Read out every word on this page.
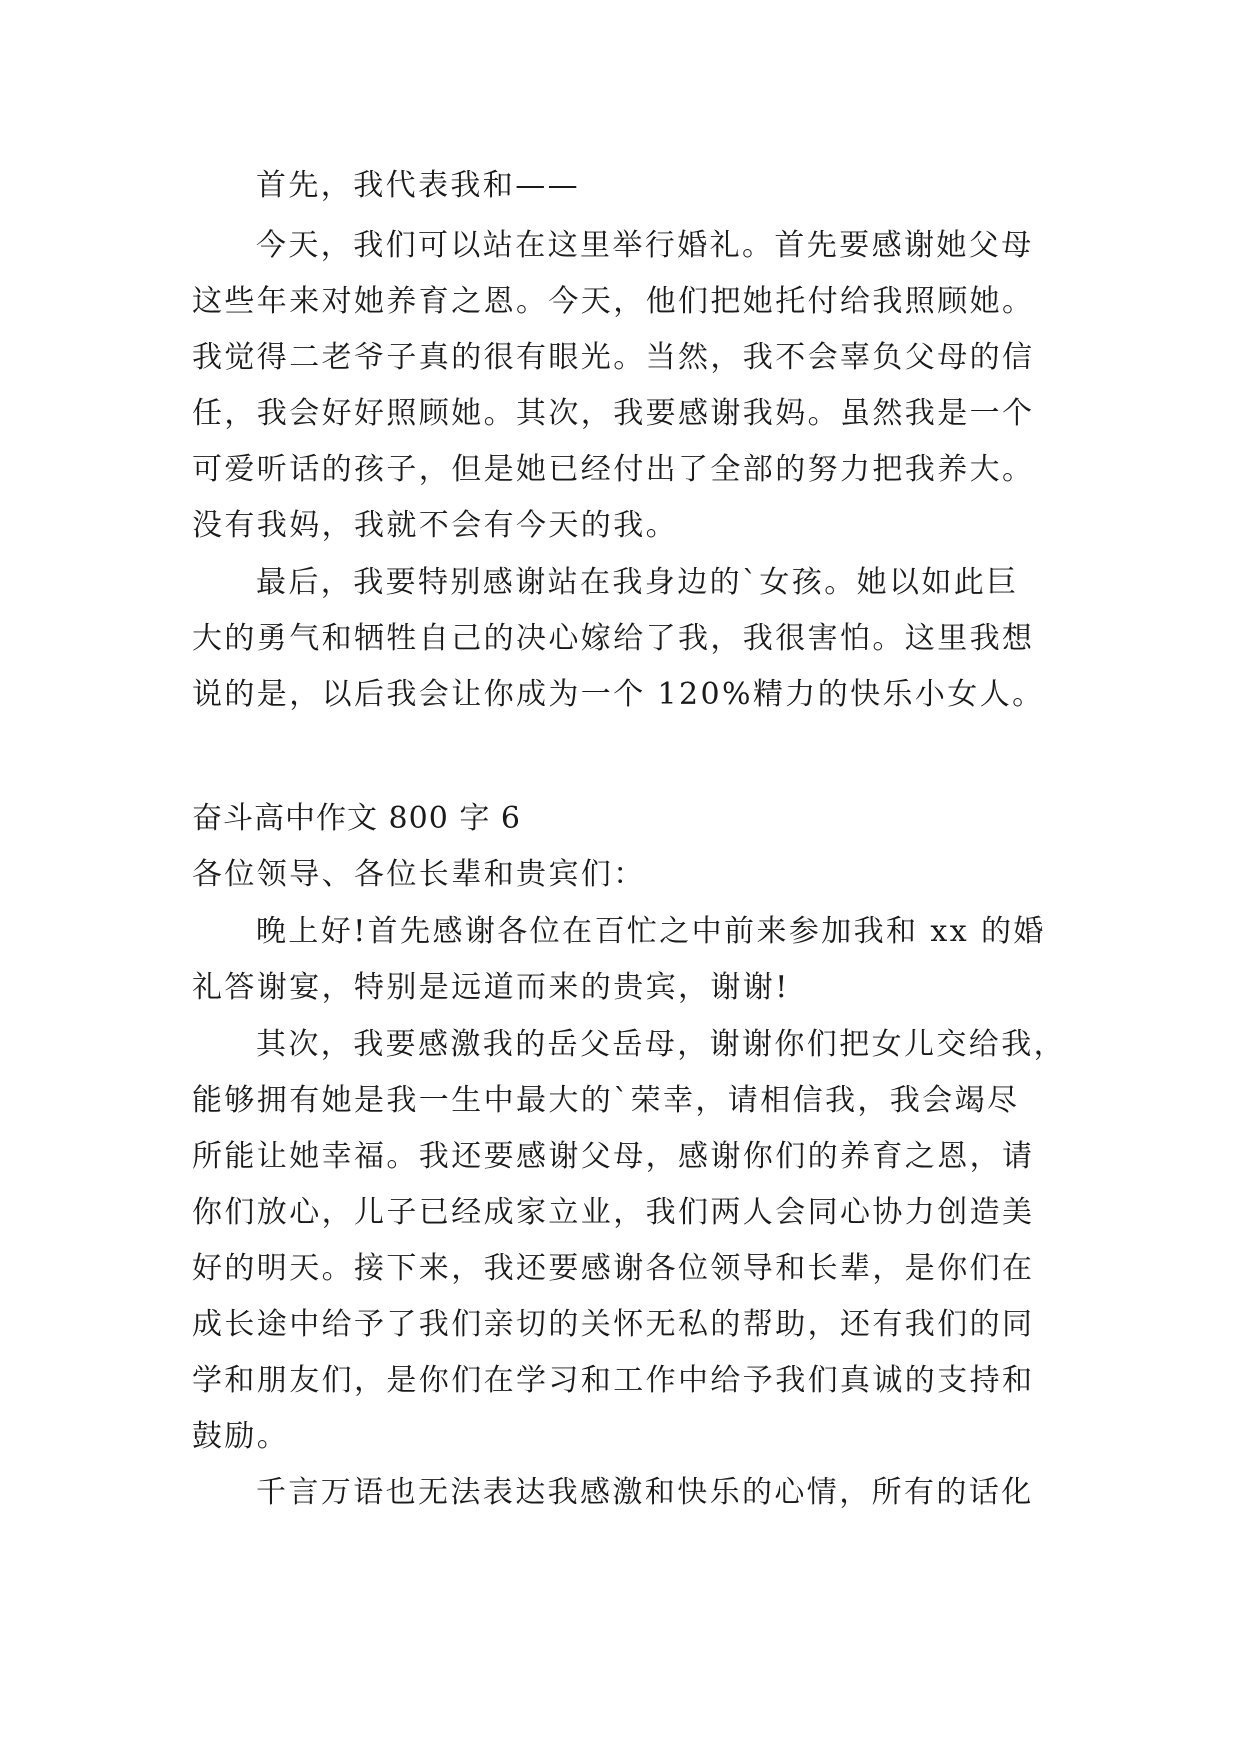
首先，我代表我和——
今天，我们可以站在这里举行婚礼。首先要感谢她父母
这些年来对她养育之恩。今天，他们把她托付给我照顾她。
我觉得二老爷子真的很有眼光。当然，我不会辜负父母的信
任，我会好好照顾她。其次，我要感谢我妈。虽然我是一个
可爱听话的孩子，但是她已经付出了全部的努力把我养大。
没有我妈，我就不会有今天的我。
最后，我要特别感谢站在我身边的`女孩。她以如此巨
大的勇气和牺牲自己的决心嫁给了我，我很害怕。这里我想
说的是，以后我会让你成为一个 120%精力的快乐小女人。
奋斗高中作文 800 字 6
各位领导、各位长辈和贵宾们：
晚上好!首先感谢各位在百忙之中前来参加我和 xx 的婚
礼答谢宴，特别是远道而来的贵宾，谢谢!
其次，我要感激我的岳父岳母，谢谢你们把女儿交给我，
能够拥有她是我一生中最大的`荣幸，请相信我，我会竭尽
所能让她幸福。我还要感谢父母，感谢你们的养育之恩，请
你们放心，儿子已经成家立业，我们两人会同心协力创造美
好的明天。接下来，我还要感谢各位领导和长辈，是你们在
成长途中给予了我们亲切的关怀无私的帮助，还有我们的同
学和朋友们，是你们在学习和工作中给予我们真诚的支持和
鼓励。
千言万语也无法表达我感激和快乐的心情，所有的话化
